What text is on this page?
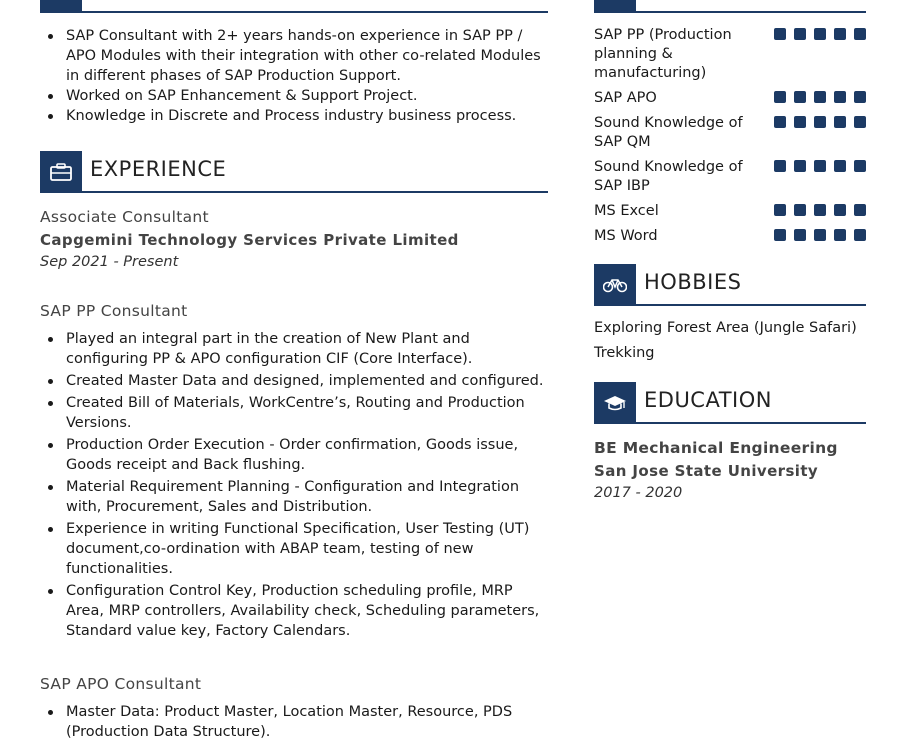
SAP Consultant with 2+ years hands-on experience in SAP PP / APO Modules with their integration with other co-related Modules in different phases of SAP Production Support.
Worked on SAP Enhancement & Support Project.
Knowledge in Discrete and Process industry business process.
EXPERIENCE
Associate Consultant
Capgemini Technology Services Private Limited
Sep 2021 - Present
SAP PP Consultant
Played an integral part in the creation of New Plant and configuring PP & APO configuration CIF (Core Interface).
Created Master Data and designed, implemented and configured.
Created Bill of Materials, WorkCentre’s, Routing and Production Versions.
Production Order Execution - Order confirmation, Goods issue, Goods receipt and Back flushing.
Material Requirement Planning - Configuration and Integration with, Procurement, Sales and Distribution.
Experience in writing Functional Specification, User Testing (UT) document,co-ordination with ABAP team, testing of new functionalities.
Configuration Control Key, Production scheduling profile, MRP Area, MRP controllers, Availability check, Scheduling parameters, Standard value key, Factory Calendars.
SAP APO Consultant
Master Data: Product Master, Location Master, Resource, PDS (Production Data Structure).
SAP PP (Production planning & manufacturing)
SAP APO
Sound Knowledge of SAP QM
Sound Knowledge of SAP IBP
MS Excel
MS Word
HOBBIES
Exploring Forest Area (Jungle Safari)
Trekking
EDUCATION
BE Mechanical Engineering
San Jose State University
2017 - 2020
